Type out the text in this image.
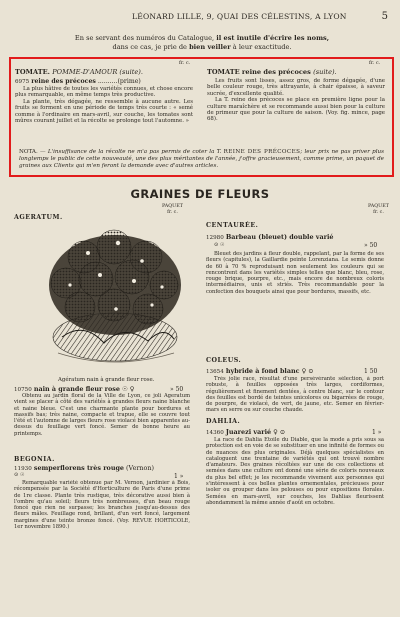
LÉONARD LILLE, 9, QUAI DES CÉLESTINS, A LYON	5
En se servant des numéros du Catalogue, il est inutile d'écrire les noms,
dans ce cas, je prie de bien veiller à leur exactitude.
fr. c.	fr. c.
TOMATE. POMME-D'AMOUR (suite).
6975 reine des précoces ..........(prime)

La plus hâtive de toutes les variétés connues, et chose encore plus remarquable, en même temps très productive.

La plante, très dégagée, ne ressemble à aucune autre. Les fruits se forment en une période de temps très courte : « semé comme à l'ordinaire en mars-avril, sur couche, les tomates sont mûres courant juillet et la récolte se prolonge tout l'automne. »

TOMATE reine des précoces (suite).

Les fruits sont lisses, assez gros, de forme dégagée, d'une belle couleur rouge, très attrayante, à chair épaisse, à saveur sucrée, d'excellente qualité.

La T. reine des précoces se place en première ligne pour la culture maraîchère et se recommande aussi bien pour la culture de primeur que pour la culture de saison. (Voy. fig. mince, page 68).

NOTA. — L'insuffisance de la récolte ne m'a pas permis de coter la T. REINE DES PRÉCOCES; leur prix ne pas priver plus longtemps le public de cette nouveauté, une des plus méritantes de l'année, j'offre gracieusement, comme prime, un paquet de graines aux Clients qui m'en feront la demande avec d'autres articles.
GRAINES DE FLEURS
PAQUET
fr. c.
AGERATUM.
Agératum nain à grande fleur rose.
10750 nain à grande fleur rose ☉ ♀	» 50
Obtenu au jardin floral de la Ville de Lyon, ce joli Ageratum vient se placer à côté des variétés à grandes fleurs naine blanche et naine bleue. C'est une charmante plante pour bordures et massifs bas; très naine, compacte et trapue, elle se couvre tout l'été et l'automne de larges fleurs rose violacé bien apparentes au-dessus du feuillage vert foncé. Semer de bonne heure au printemps.
BEGONIA.
11930 semperflorens très rouge (Vernon)
⊙ ☉	1 »
Remarquable variété obtenue par M. Vernon, jardinier à Bois, récompensée par la Société d'Horticulture de Paris d'une prime de 1re classe. Plante très rustique, très décorative aussi bien à l'ombre qu'au soleil; fleurs très nombreuses, d'un beau rouge foncé que rien ne surpasse; les branches jusqu'au-dessus des fleurs mâles. Feuillage rond, brillant, d'un vert foncé, largement margines d'une teinte bronze foncé. (Voy. REVUE HORTICOLE, 1er novembre 1890.)
PAQUET
fr. c.
CENTAURÉE.
12980 Barbeau (bleuet) double varié
⊙ ☉	» 50
Bleuet des jardins à fleur double, rappelant, par la forme de ses fleurs (capitules), la Gaillardie peinte Lorenziana. Le semis donne de 60 à 70 % reproduisant non seulement les couleurs qui se rencontrent dans les variétés simples telles que blanc, bleu, rose, rouge brique, pourpre, etc., mais encore de nombreux coloris intermédiaires, unis et striés. Très recommandable pour la confection des bouquets ainsi que pour bordures, massifs, etc.
COLEUS.
13654 hybride à fond blanc ♀ ⊙	1 50
Très jolie race, résultat d'une persévérante sélection, à port robuste, à feuilles opposées très larges, cordiformes, régulièrement et finement dentées, à centre blanc, sur le contour des feuilles est bordé de teintes unicolores ou bigarrées de rouge, de pourpre, de violacé, de vert, de jaune, etc. Semer en février-mars en serre ou sur couche chaude.
DAHLIA.
14360 Juarezi varié ♀ ⊙	1 »
La race de Dahlia Etoile du Diable, que la mode a pris sous sa protection est en voie de se substituer en une infinité de formes ou de nuances des plus originales. Déjà quelques spécialistes en cataloguent une trentaine de variétés qui ont trouvé nombre d'amateurs. Des graines récoltées sur une de ces collections et semées dans une culture ont donné une série de coloris nouveaux du plus bel effet; je les recommande vivement aux personnes qui s'intéressent à ces belles plantes ornementales, précieuses pour isoler ou grouper dans les pelouses ou pour expositions florales. Semées en mars-avril, sur couches, les Dahlias fleurissent abondamment la même année d'août en octobre.
